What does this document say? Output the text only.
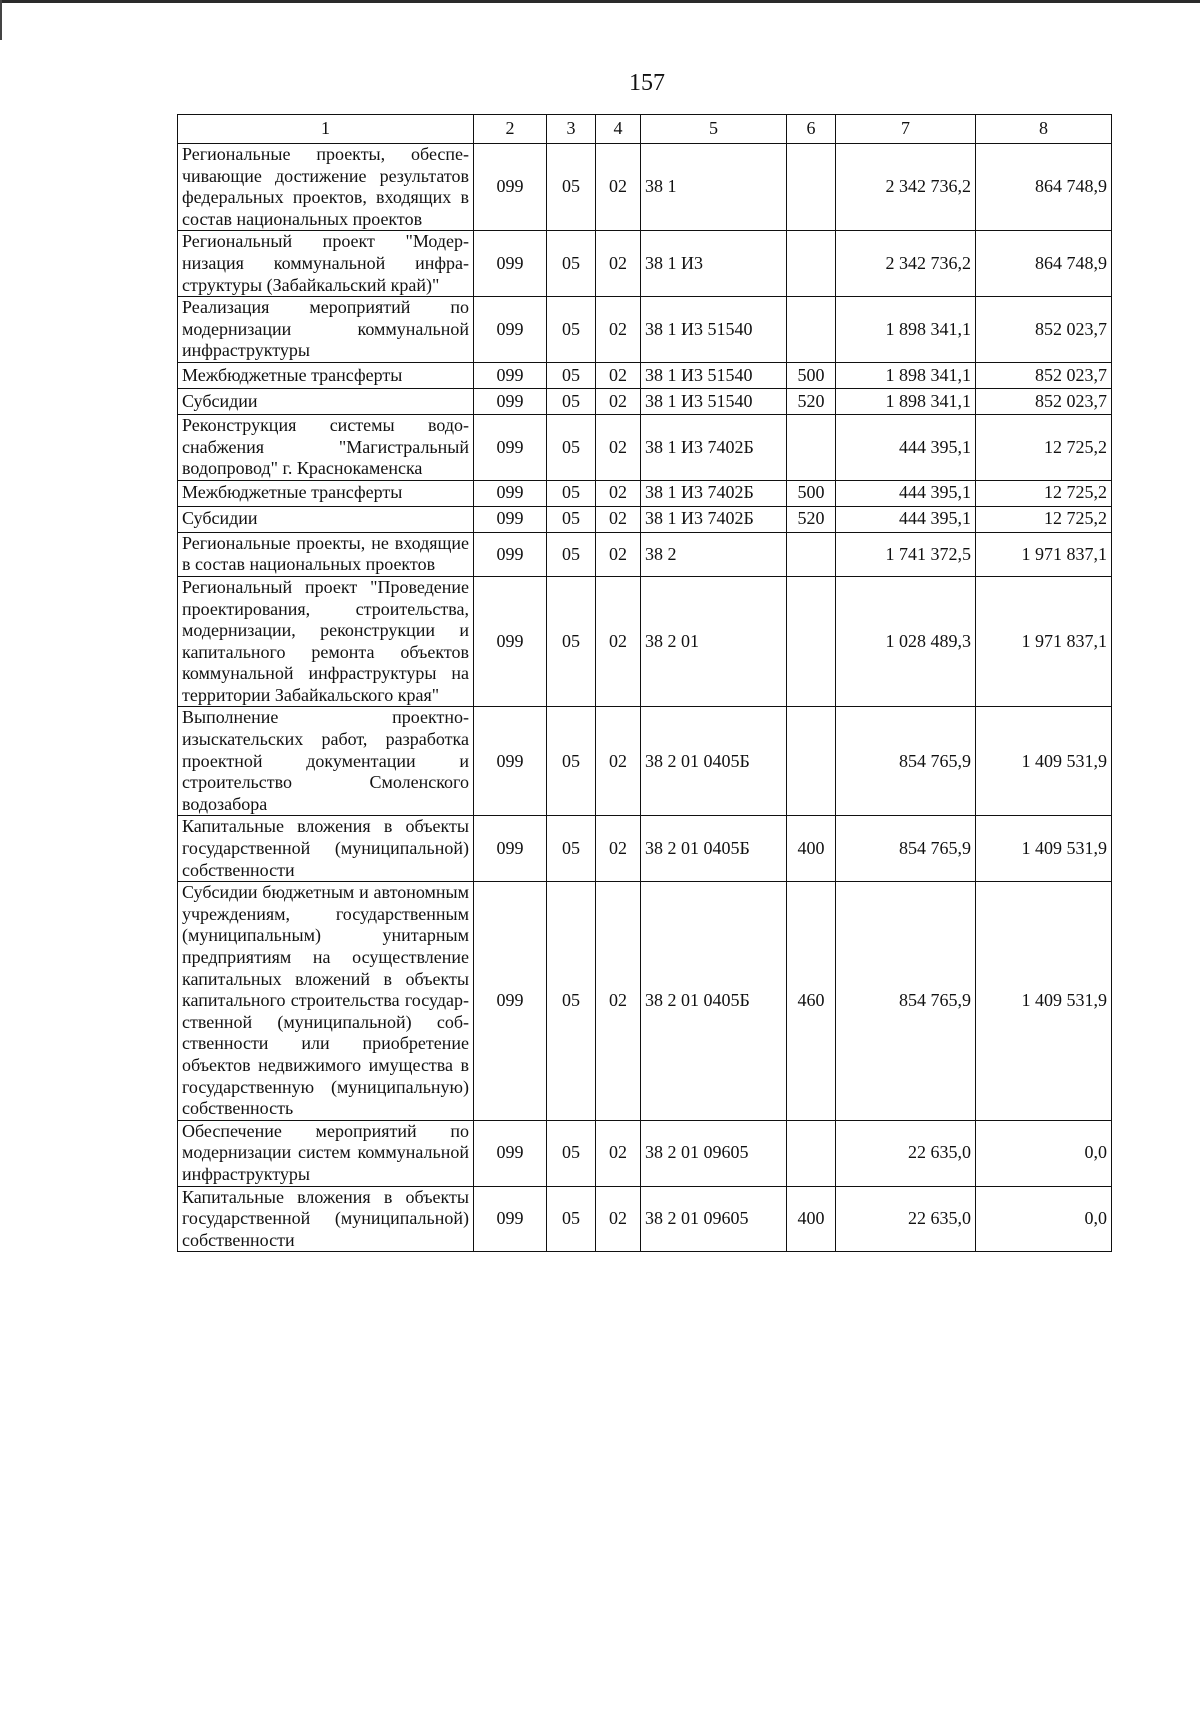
157
1	2	3	4	5	6	7	8
Региональные проекты, обеспечивающие достижение результатов федеральных проектов, входящих в состав национальных проектов	099	05	02	38 1		2 342 736,2	864 748,9
Региональный проект "Модернизация коммунальной инфраструктуры (Забайкальский край)"	099	05	02	38 1 И3		2 342 736,2	864 748,9
Реализация мероприятий по модернизации коммунальной инфраструктуры	099	05	02	38 1 И3 51540		1 898 341,1	852 023,7
Межбюджетные трансферты	099	05	02	38 1 И3 51540	500	1 898 341,1	852 023,7
Субсидии	099	05	02	38 1 И3 51540	520	1 898 341,1	852 023,7
Реконструкция системы водоснабжения "Магистральный водопровод" г. Краснокаменска	099	05	02	38 1 И3 7402Б		444 395,1	12 725,2
Межбюджетные трансферты	099	05	02	38 1 И3 7402Б	500	444 395,1	12 725,2
Субсидии	099	05	02	38 1 И3 7402Б	520	444 395,1	12 725,2
Региональные проекты, не входящие в состав национальных проектов	099	05	02	38 2		1 741 372,5	1 971 837,1
Региональный проект "Проведение проектирования, строительства, модернизации, реконструкции и капитального ремонта объектов коммунальной инфраструктуры на территории Забайкальского края"	099	05	02	38 2 01		1 028 489,3	1 971 837,1
Выполнение проектно-изыскательских работ, разработка проектной документации и строительство Смоленского водозабора	099	05	02	38 2 01 0405Б		854 765,9	1 409 531,9
Капитальные вложения в объекты государственной (муниципальной) собственности	099	05	02	38 2 01 0405Б	400	854 765,9	1 409 531,9
Субсидии бюджетным и автономным учреждениям, государственным (муниципальным) унитарным предприятиям на осуществление капитальных вложений в объекты капитального строительства государственной (муниципальной) собственности или приобретение объектов недвижимого имущества в государственную (муниципальную) собственность	099	05	02	38 2 01 0405Б	460	854 765,9	1 409 531,9
Обеспечение мероприятий по модернизации систем коммунальной инфраструктуры	099	05	02	38 2 01 09605		22 635,0	0,0
Капитальные вложения в объекты государственной (муниципальной) собственности	099	05	02	38 2 01 09605	400	22 635,0	0,0
